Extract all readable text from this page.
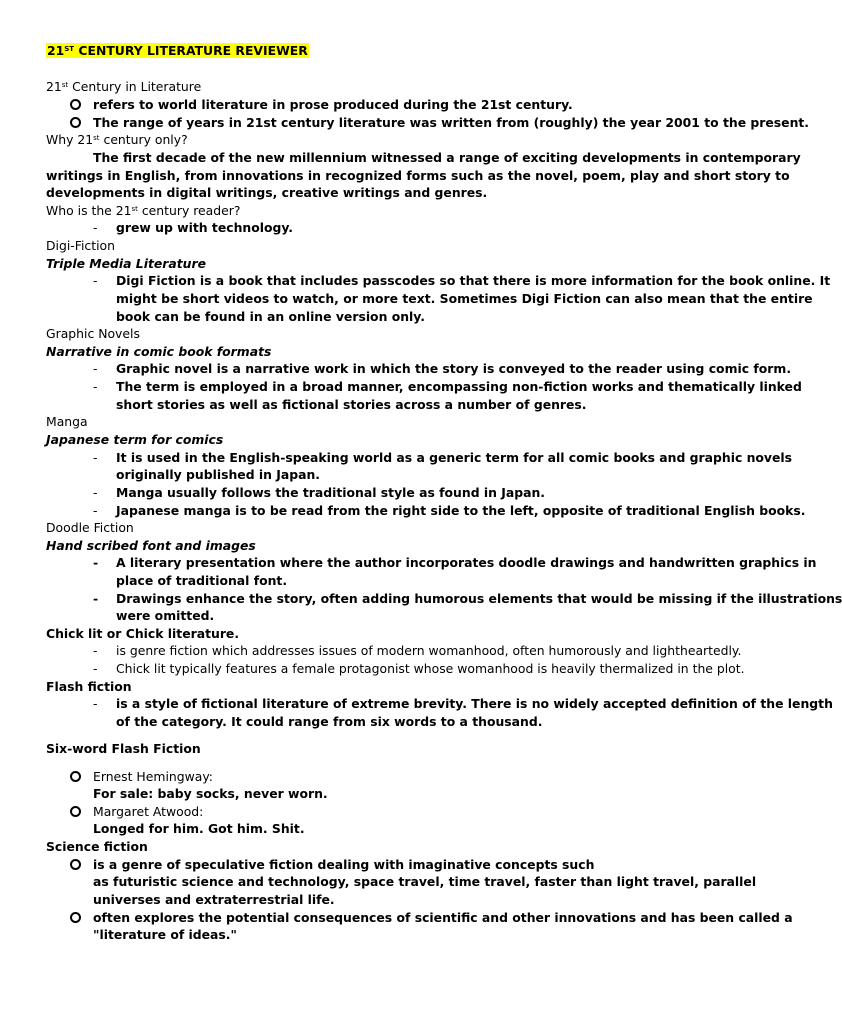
21ST CENTURY LITERATURE REVIEWER
21st Century in Literature
refers to world literature in prose produced during the 21st century.
The range of years in 21st century literature was written from (roughly) the year 2001 to the present.
Why 21st century only?
The first decade of the new millennium witnessed a range of exciting developments in contemporary
writings in English, from innovations in recognized forms such as the novel, poem, play and short story to
developments in digital writings, creative writings and genres.
Who is the 21st century reader?
- grew up with technology.
Digi-Fiction
Triple Media Literature
- Digi Fiction is a book that includes passcodes so that there is more information for the book online. It
might be short videos to watch, or more text. Sometimes Digi Fiction can also mean that the entire
book can be found in an online version only.
Graphic Novels
Narrative in comic book formats
- Graphic novel is a narrative work in which the story is conveyed to the reader using comic form.
- The term is employed in a broad manner, encompassing non-fiction works and thematically linked
short stories as well as fictional stories across a number of genres.
Manga
Japanese term for comics
- It is used in the English-speaking world as a generic term for all comic books and graphic novels
originally published in Japan.
- Manga usually follows the traditional style as found in Japan.
- Japanese manga is to be read from the right side to the left, opposite of traditional English books.
Doodle Fiction
Hand scribed font and images
- A literary presentation where the author incorporates doodle drawings and handwritten graphics in
place of traditional font.
- Drawings enhance the story, often adding humorous elements that would be missing if the illustrations
were omitted.
Chick lit or Chick literature.
- is genre fiction which addresses issues of modern womanhood, often humorously and lightheartedly.
- Chick lit typically features a female protagonist whose womanhood is heavily thermalized in the plot.
Flash fiction
- is a style of fictional literature of extreme brevity. There is no widely accepted definition of the length
of the category. It could range from six words to a thousand.
Six-word Flash Fiction
Ernest Hemingway:
For sale: baby socks, never worn.
Margaret Atwood:
Longed for him. Got him. Shit.
Science fiction
is a genre of speculative fiction dealing with imaginative concepts such
as futuristic science and technology, space travel, time travel, faster than light travel, parallel
universes and extraterrestrial life.
often explores the potential consequences of scientific and other innovations and has been called a
"literature of ideas."
